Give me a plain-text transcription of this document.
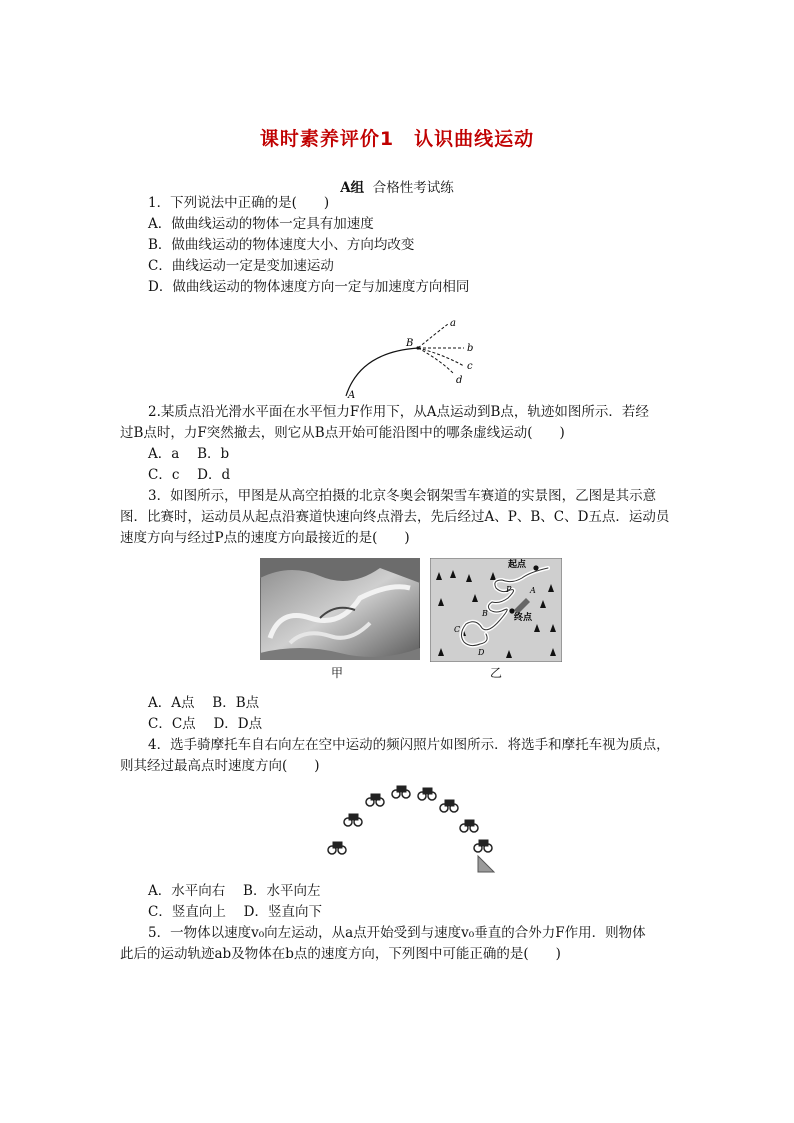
课时素养评价1　认识曲线运动
A组 合格性考试练
1．下列说法中正确的是(　　)
A．做曲线运动的物体一定具有加速度
B．做曲线运动的物体速度大小、方向均改变
C．曲线运动一定是变加速运动
D．做曲线运动的物体速度方向一定与加速度方向相同
a
b
c
d
B
A
2.某质点沿光滑水平面在水平恒力F作用下，从A点运动到B点，轨迹如图所示．若经
过B点时，力F突然撤去，则它从B点开始可能沿图中的哪条虚线运动(　　)
A．a　 B．b
C．c　 D．d
3．如图所示，甲图是从高空拍摄的北京冬奥会钢架雪车赛道的实景图，乙图是其示意
图．比赛时，运动员从起点沿赛道快速向终点滑去，先后经过A、P、B、C、D五点．运动员
速度方向与经过P点的速度方向最接近的是(　　)
起点
终点
P A
B
C
D
甲	乙
A．A点　 B．B点
C．C点　 D．D点
4．选手骑摩托车自右向左在空中运动的频闪照片如图所示．将选手和摩托车视为质点，
则其经过最高点时速度方向(　　)
A．水平向右　 B．水平向左
C．竖直向上　 D．竖直向下
5．一物体以速度v₀向左运动，从a点开始受到与速度v₀垂直的合外力F作用．则物体
此后的运动轨迹ab及物体在b点的速度方向，下列图中可能正确的是(　　)
